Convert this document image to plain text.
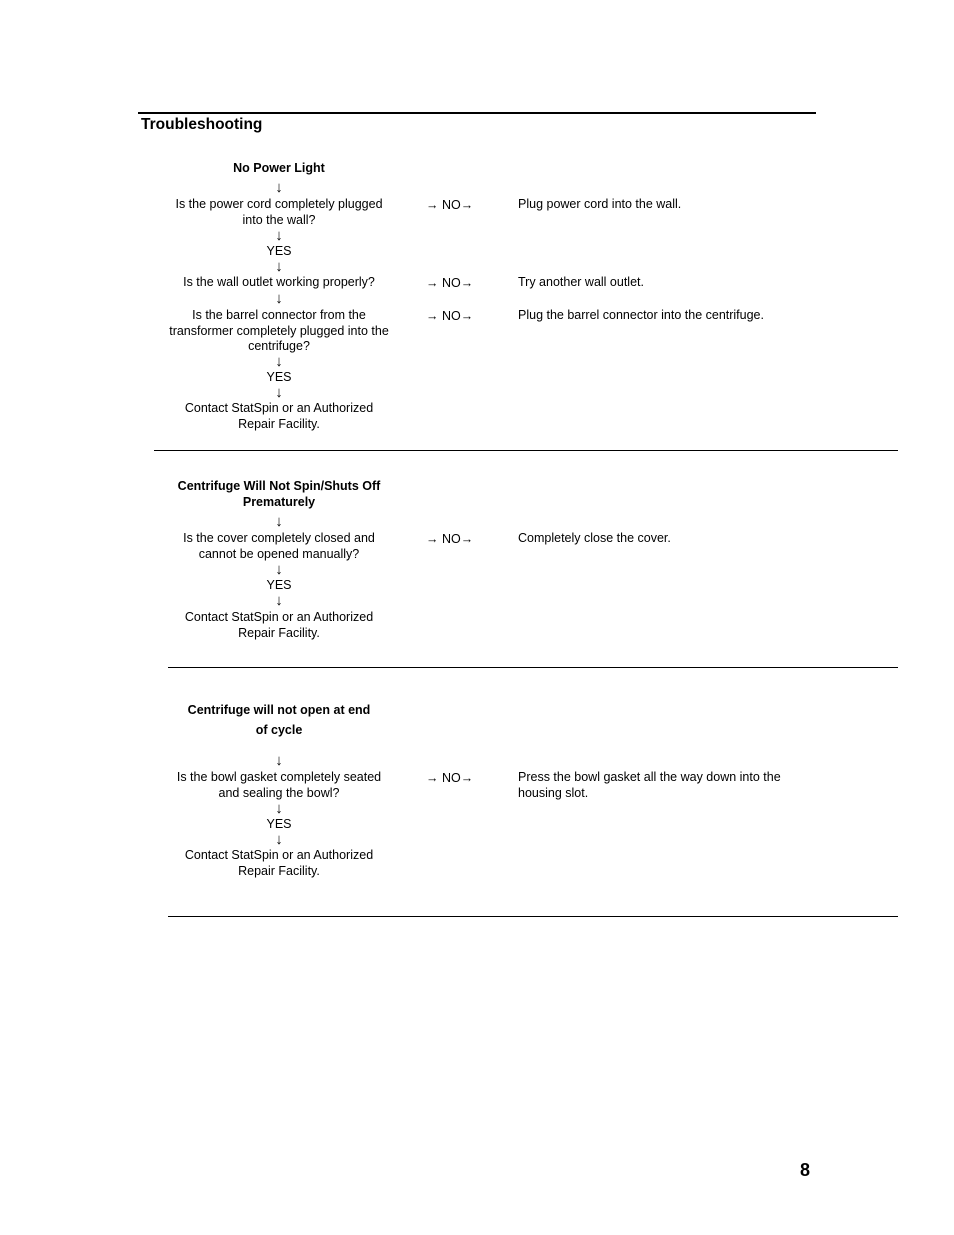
Troubleshooting
No Power Light
↓
Is the power cord completely plugged into the wall?
→ NO→	Plug power cord into the wall.
↓
YES
↓
Is the wall outlet working properly?	→ NO→	Try another wall outlet.
↓
Is the barrel connector from the transformer completely plugged into the centrifuge?
→ NO→	Plug the barrel connector into the centrifuge.
↓
YES
↓
Contact StatSpin or an Authorized Repair Facility.
Centrifuge Will Not Spin/Shuts Off Prematurely
↓
Is the cover completely closed and cannot be opened manually?
→ NO→	Completely close the cover.
↓
YES
↓
Contact StatSpin or an Authorized Repair Facility.
Centrifuge will not open at end
of cycle
↓
Is the bowl gasket completely seated and sealing the bowl?
→ NO→	Press the bowl gasket all the way down into the housing slot.
↓
YES
↓
Contact StatSpin or an Authorized Repair Facility.
8
